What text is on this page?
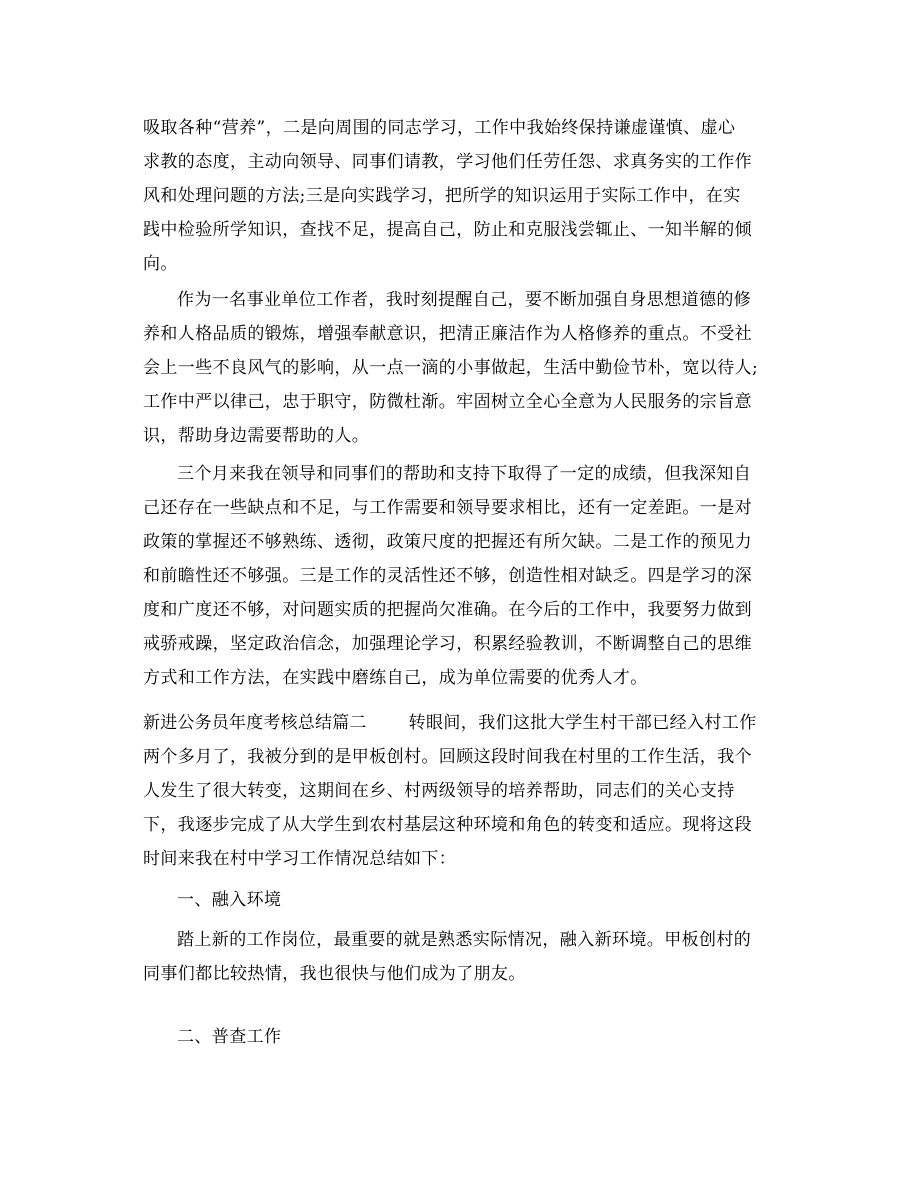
吸取各种“营养”，二是向周围的同志学习，工作中我始终保持谦虚谨慎、虚心
求教的态度，主动向领导、同事们请教，学习他们任劳任怨、求真务实的工作作
风和处理问题的方法;三是向实践学习，把所学的知识运用于实际工作中，在实
践中检验所学知识，查找不足，提高自己，防止和克服浅尝辄止、一知半解的倾
向。
作为一名事业单位工作者，我时刻提醒自己，要不断加强自身思想道德的修
养和人格品质的锻炼，增强奉献意识，把清正廉洁作为人格修养的重点。不受社
会上一些不良风气的影响，从一点一滴的小事做起，生活中勤俭节朴，宽以待人;
工作中严以律己，忠于职守，防微杜渐。牢固树立全心全意为人民服务的宗旨意
识，帮助身边需要帮助的人。
三个月来我在领导和同事们的帮助和支持下取得了一定的成绩，但我深知自
己还存在一些缺点和不足，与工作需要和领导要求相比，还有一定差距。一是对
政策的掌握还不够熟练、透彻，政策尺度的把握还有所欠缺。二是工作的预见力
和前瞻性还不够强。三是工作的灵活性还不够，创造性相对缺乏。四是学习的深
度和广度还不够，对问题实质的把握尚欠准确。在今后的工作中，我要努力做到
戒骄戒躁，坚定政治信念，加强理论学习，积累经验教训，不断调整自己的思维
方式和工作方法，在实践中磨练自己，成为单位需要的优秀人才。
新进公务员年度考核总结篇二 转眼间，我们这批大学生村干部已经入村工作
两个多月了，我被分到的是甲板创村。回顾这段时间我在村里的工作生活，我个
人发生了很大转变，这期间在乡、村两级领导的培养帮助，同志们的关心支持
下，我逐步完成了从大学生到农村基层这种环境和角色的转变和适应。现将这段
时间来我在村中学习工作情况总结如下：
一、融入环境
踏上新的工作岗位，最重要的就是熟悉实际情况，融入新环境。甲板创村的
同事们都比较热情，我也很快与他们成为了朋友。
二、普查工作
